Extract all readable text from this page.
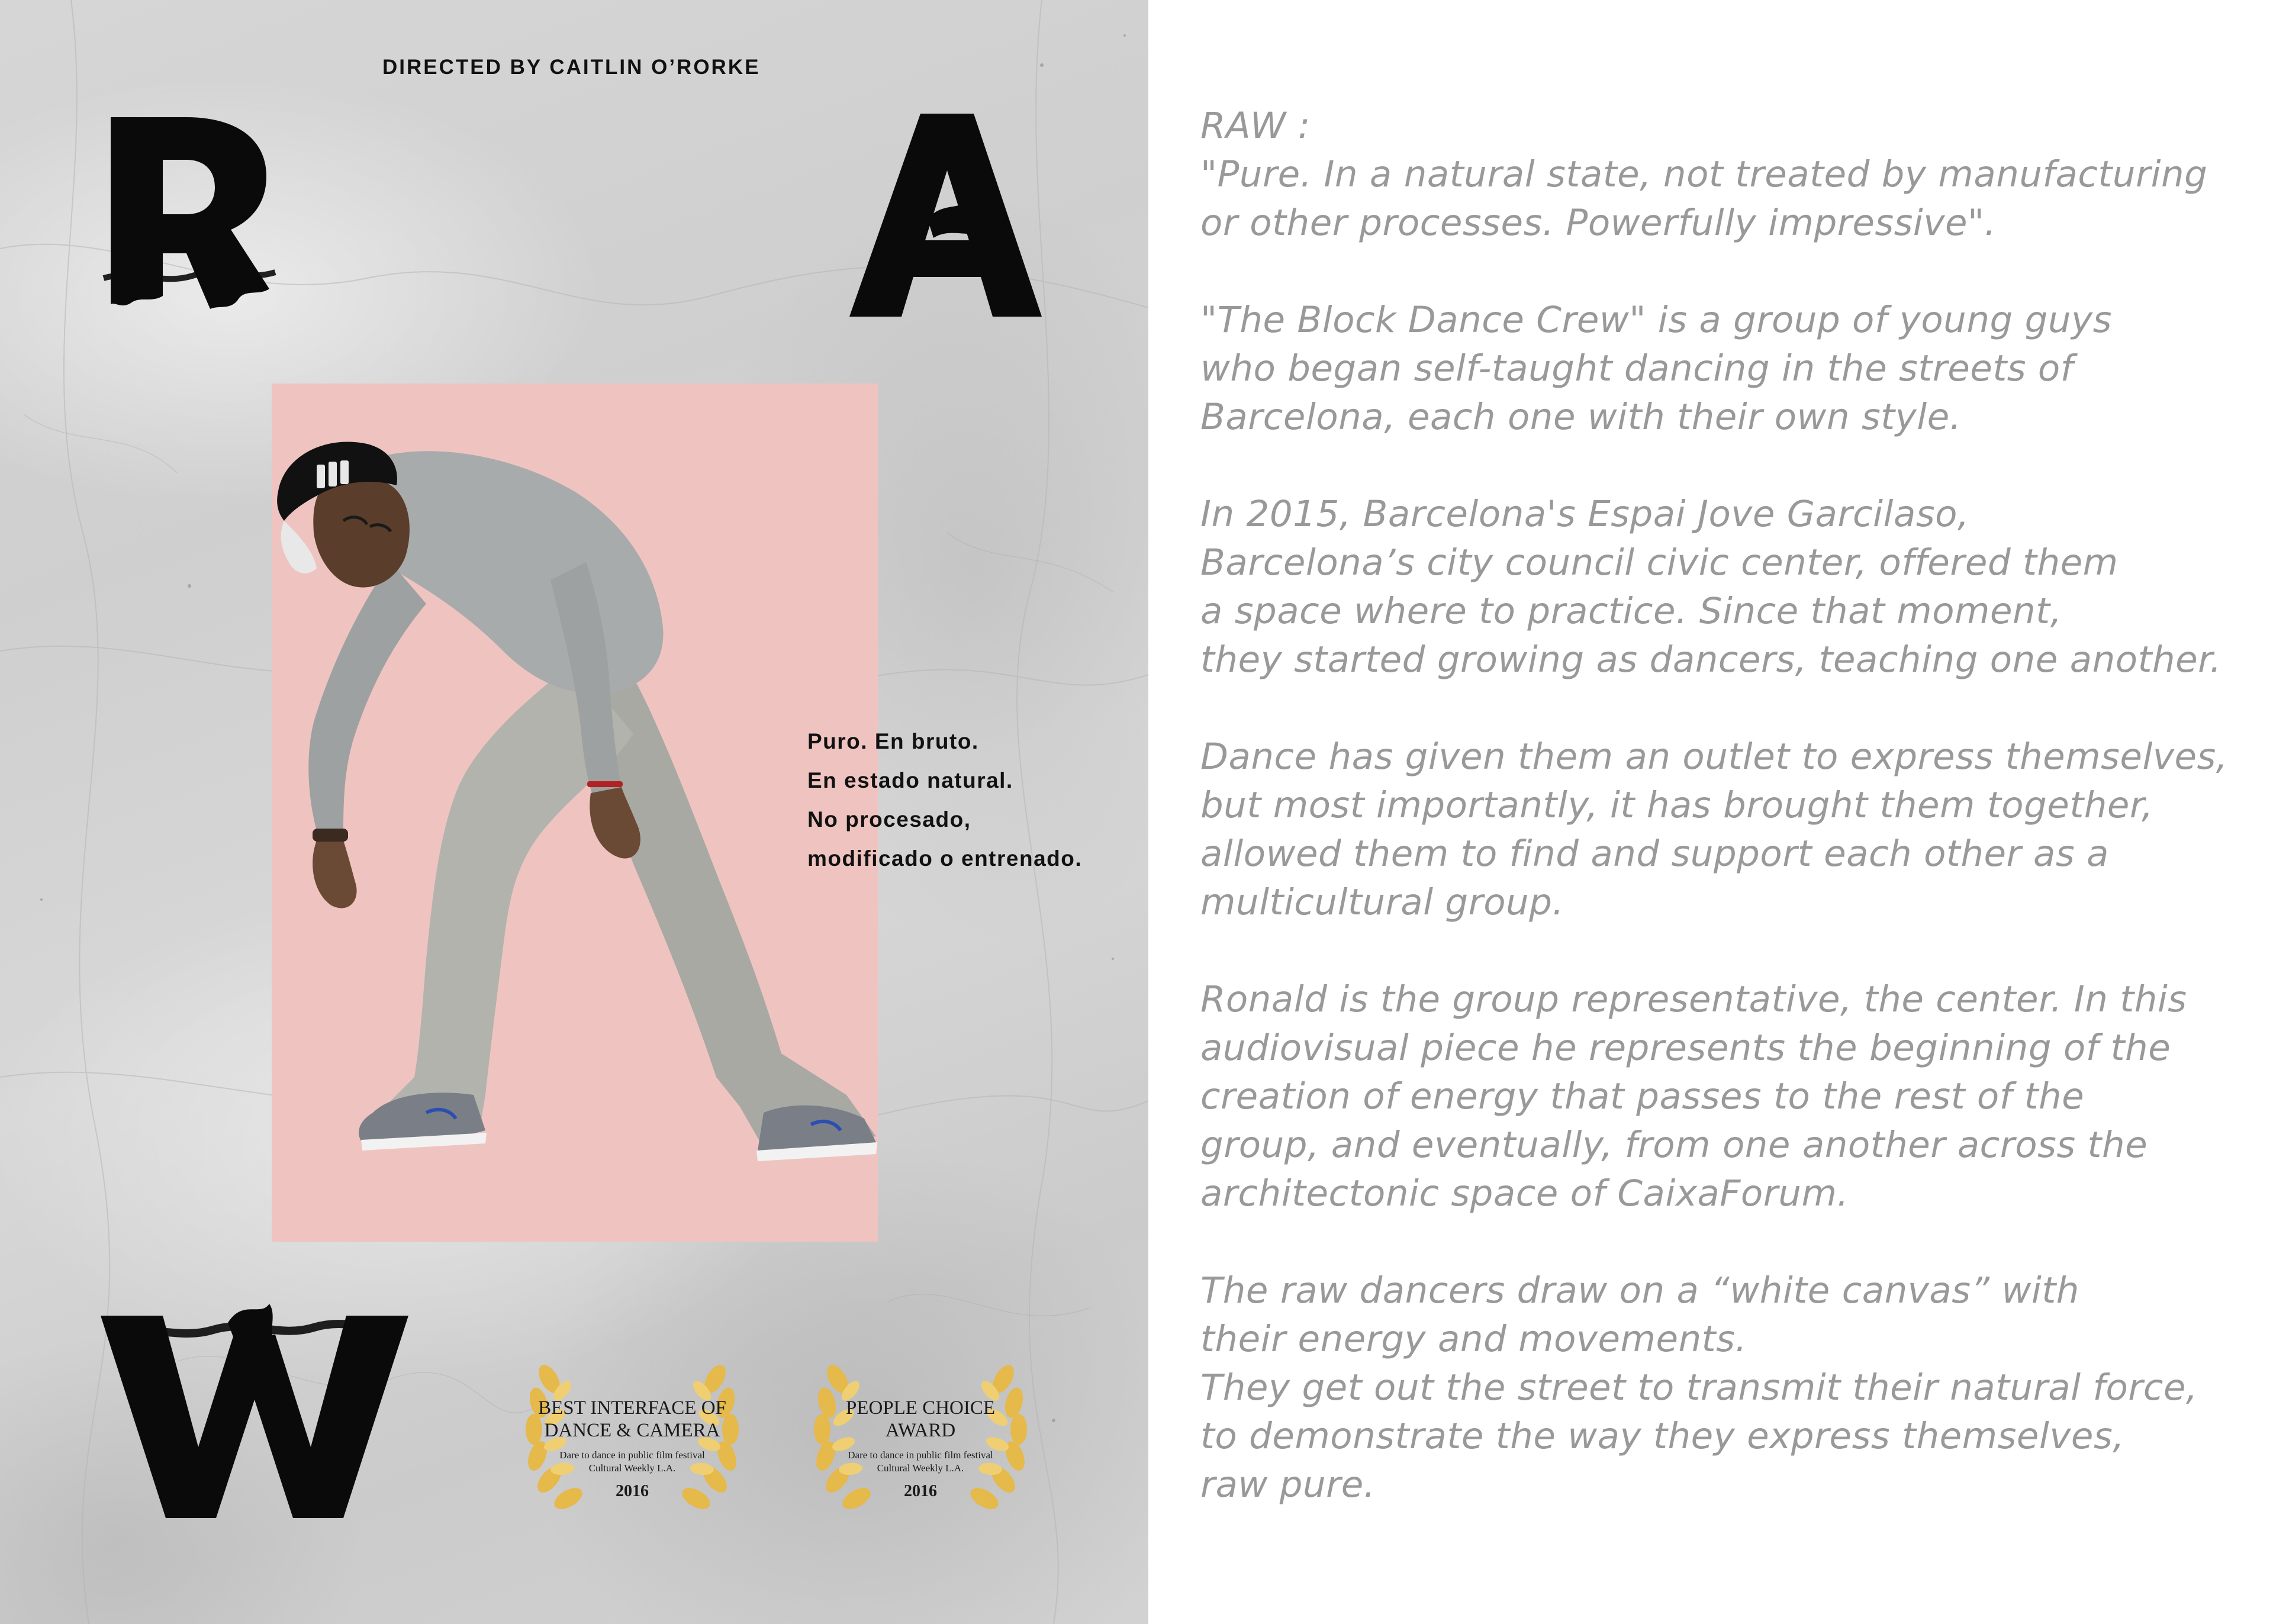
DIRECTED BY CAITLIN O’RORKE
Puro. En bruto.
En estado natural.
No procesado,
modificado o entrenado.
BEST INTERFACE OF
DANCE & CAMERA
Dare to dance in public film festival
Cultural Weekly L.A.
2016
PEOPLE CHOICE
AWARD
Dare to dance in public film festival
Cultural Weekly L.A.
2016
RAW :
"Pure. In a natural state, not treated by manufacturing
or other processes. Powerfully impressive".
"The Block Dance Crew" is a group of young guys
who began self-taught dancing in the streets of
Barcelona, each one with their own style.
In 2015, Barcelona's Espai Jove Garcilaso,
Barcelona’s city council civic center, offered them
a space where to practice. Since that moment,
they started growing as dancers, teaching one another.
Dance has given them an outlet to express themselves,
but most importantly, it has brought them together,
allowed them to find and support each other as a
multicultural group.
Ronald is the group representative, the center. In this
audiovisual piece he represents the beginning of the
creation of energy that passes to the rest of the
group, and eventually, from one another across the
architectonic space of CaixaForum.
The raw dancers draw on a “white canvas” with
their energy and movements.
They get out the street to transmit their natural force,
to demonstrate the way they express themselves,
raw pure.
